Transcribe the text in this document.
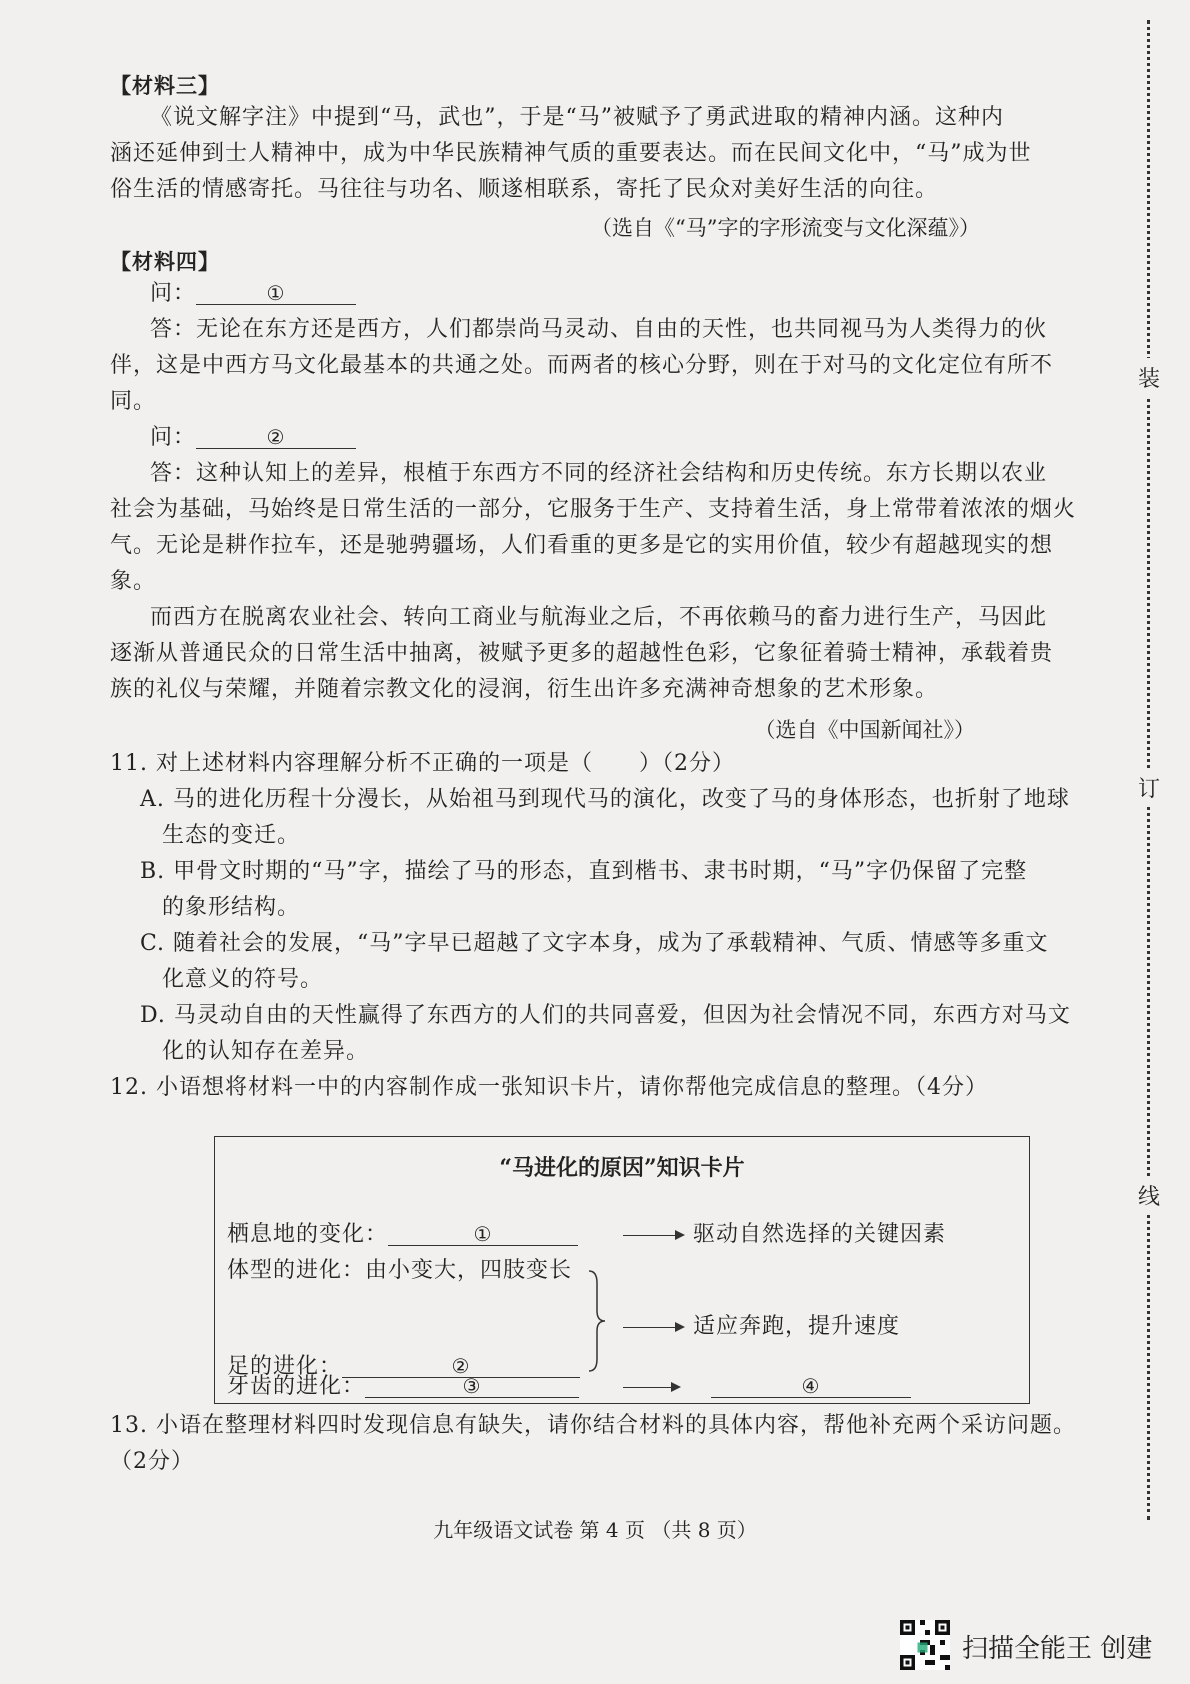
【材料三】
《说文解字注》中提到“马，武也”，于是“马”被赋予了勇武进取的精神内涵。这种内
涵还延伸到士人精神中，成为中华民族精神气质的重要表达。而在民间文化中，“马”成为世
俗生活的情感寄托。马往往与功名、顺遂相联系，寄托了民众对美好生活的向往。
（选自《“马”字的字形流变与文化深蕴》）
【材料四】
问：	①
答：无论在东方还是西方，人们都崇尚马灵动、自由的天性，也共同视马为人类得力的伙
伴，这是中西方马文化最基本的共通之处。而两者的核心分野，则在于对马的文化定位有所不
同。
问：	②
答：这种认知上的差异，根植于东西方不同的经济社会结构和历史传统。东方长期以农业
社会为基础，马始终是日常生活的一部分，它服务于生产、支持着生活，身上常带着浓浓的烟火
气。无论是耕作拉车，还是驰骋疆场，人们看重的更多是它的实用价值，较少有超越现实的想
象。
而西方在脱离农业社会、转向工商业与航海业之后，不再依赖马的畜力进行生产，马因此
逐渐从普通民众的日常生活中抽离，被赋予更多的超越性色彩，它象征着骑士精神，承载着贵
族的礼仪与荣耀，并随着宗教文化的浸润，衍生出许多充满神奇想象的艺术形象。
（选自《中国新闻社》）
11. 对上述材料内容理解分析不正确的一项是（　　）（2分）
A. 马的进化历程十分漫长，从始祖马到现代马的演化，改变了马的身体形态，也折射了地球
生态的变迁。
B. 甲骨文时期的“马”字，描绘了马的形态，直到楷书、隶书时期，“马”字仍保留了完整
的象形结构。
C. 随着社会的发展，“马”字早已超越了文字本身，成为了承载精神、气质、情感等多重文
化意义的符号。
D. 马灵动自由的天性赢得了东西方的人们的共同喜爱，但因为社会情况不同，东西方对马文
化的认知存在差异。
12. 小语想将材料一中的内容制作成一张知识卡片，请你帮他完成信息的整理。（4分）
“马进化的原因”知识卡片
栖息地的变化：	①	驱动自然选择的关键因素
体型的进化：由小变大，四肢变长
适应奔跑，提升速度
足的进化：	②
牙齿的进化：	③	④
13. 小语在整理材料四时发现信息有缺失，请你结合材料的具体内容，帮他补充两个采访问题。
（2分）
九年级语文试卷 第 4 页 （共 8 页）
装
订
线
扫描全能王 创建
